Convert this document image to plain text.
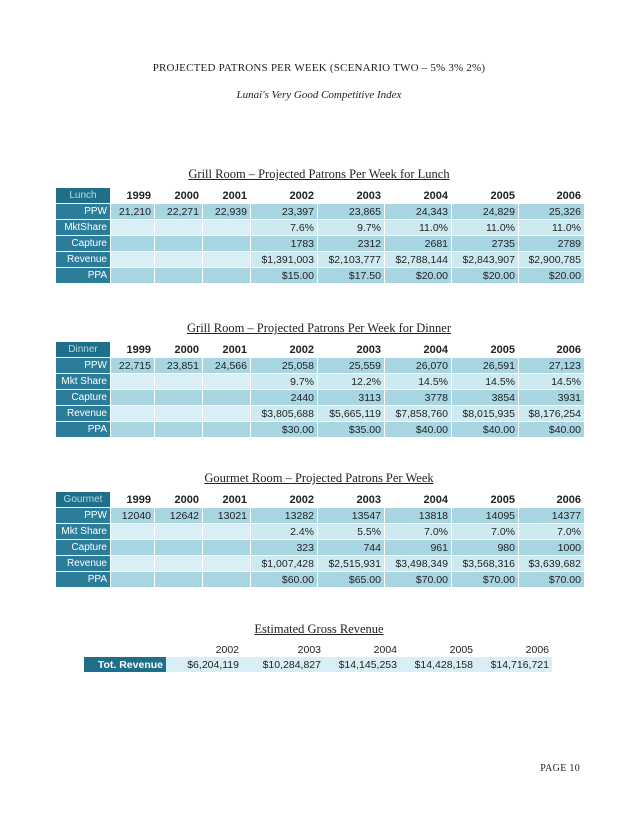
PROJECTED PATRONS PER WEEK (SCENARIO TWO – 5% 3% 2%)
Lunai's Very Good Competitive Index
Grill Room – Projected Patrons Per Week for Lunch
Lunch	1999	2000	2001	2002	2003	2004	2005	2006
PPW	21,210	22,271	22,939	23,397	23,865	24,343	24,829	25,326
MktShare				7.6%	9.7%	11.0%	11.0%	11.0%
Capture				1783	2312	2681	2735	2789
Revenue				$1,391,003	$2,103,777	$2,788,144	$2,843,907	$2,900,785
PPA				$15.00	$17.50	$20.00	$20.00	$20.00
Grill Room – Projected Patrons Per Week for Dinner
Dinner	1999	2000	2001	2002	2003	2004	2005	2006
PPW	22,715	23,851	24,566	25,058	25,559	26,070	26,591	27,123
Mkt Share				9.7%	12.2%	14.5%	14.5%	14.5%
Capture				2440	3113	3778	3854	3931
Revenue				$3,805,688	$5,665,119	$7,858,760	$8,015,935	$8,176,254
PPA				$30.00	$35.00	$40.00	$40.00	$40.00
Gourmet Room – Projected Patrons Per Week
Gourmet	1999	2000	2001	2002	2003	2004	2005	2006
PPW	12040	12642	13021	13282	13547	13818	14095	14377
Mkt Share				2.4%	5.5%	7.0%	7.0%	7.0%
Capture				323	744	961	980	1000
Revenue				$1,007,428	$2,515,931	$3,498,349	$3,568,316	$3,639,682
PPA				$60.00	$65.00	$70.00	$70.00	$70.00
Estimated Gross Revenue
	2002	2003	2004	2005	2006
Tot. Revenue	$6,204,119	$10,284,827	$14,145,253	$14,428,158	$14,716,721
PAGE 10
